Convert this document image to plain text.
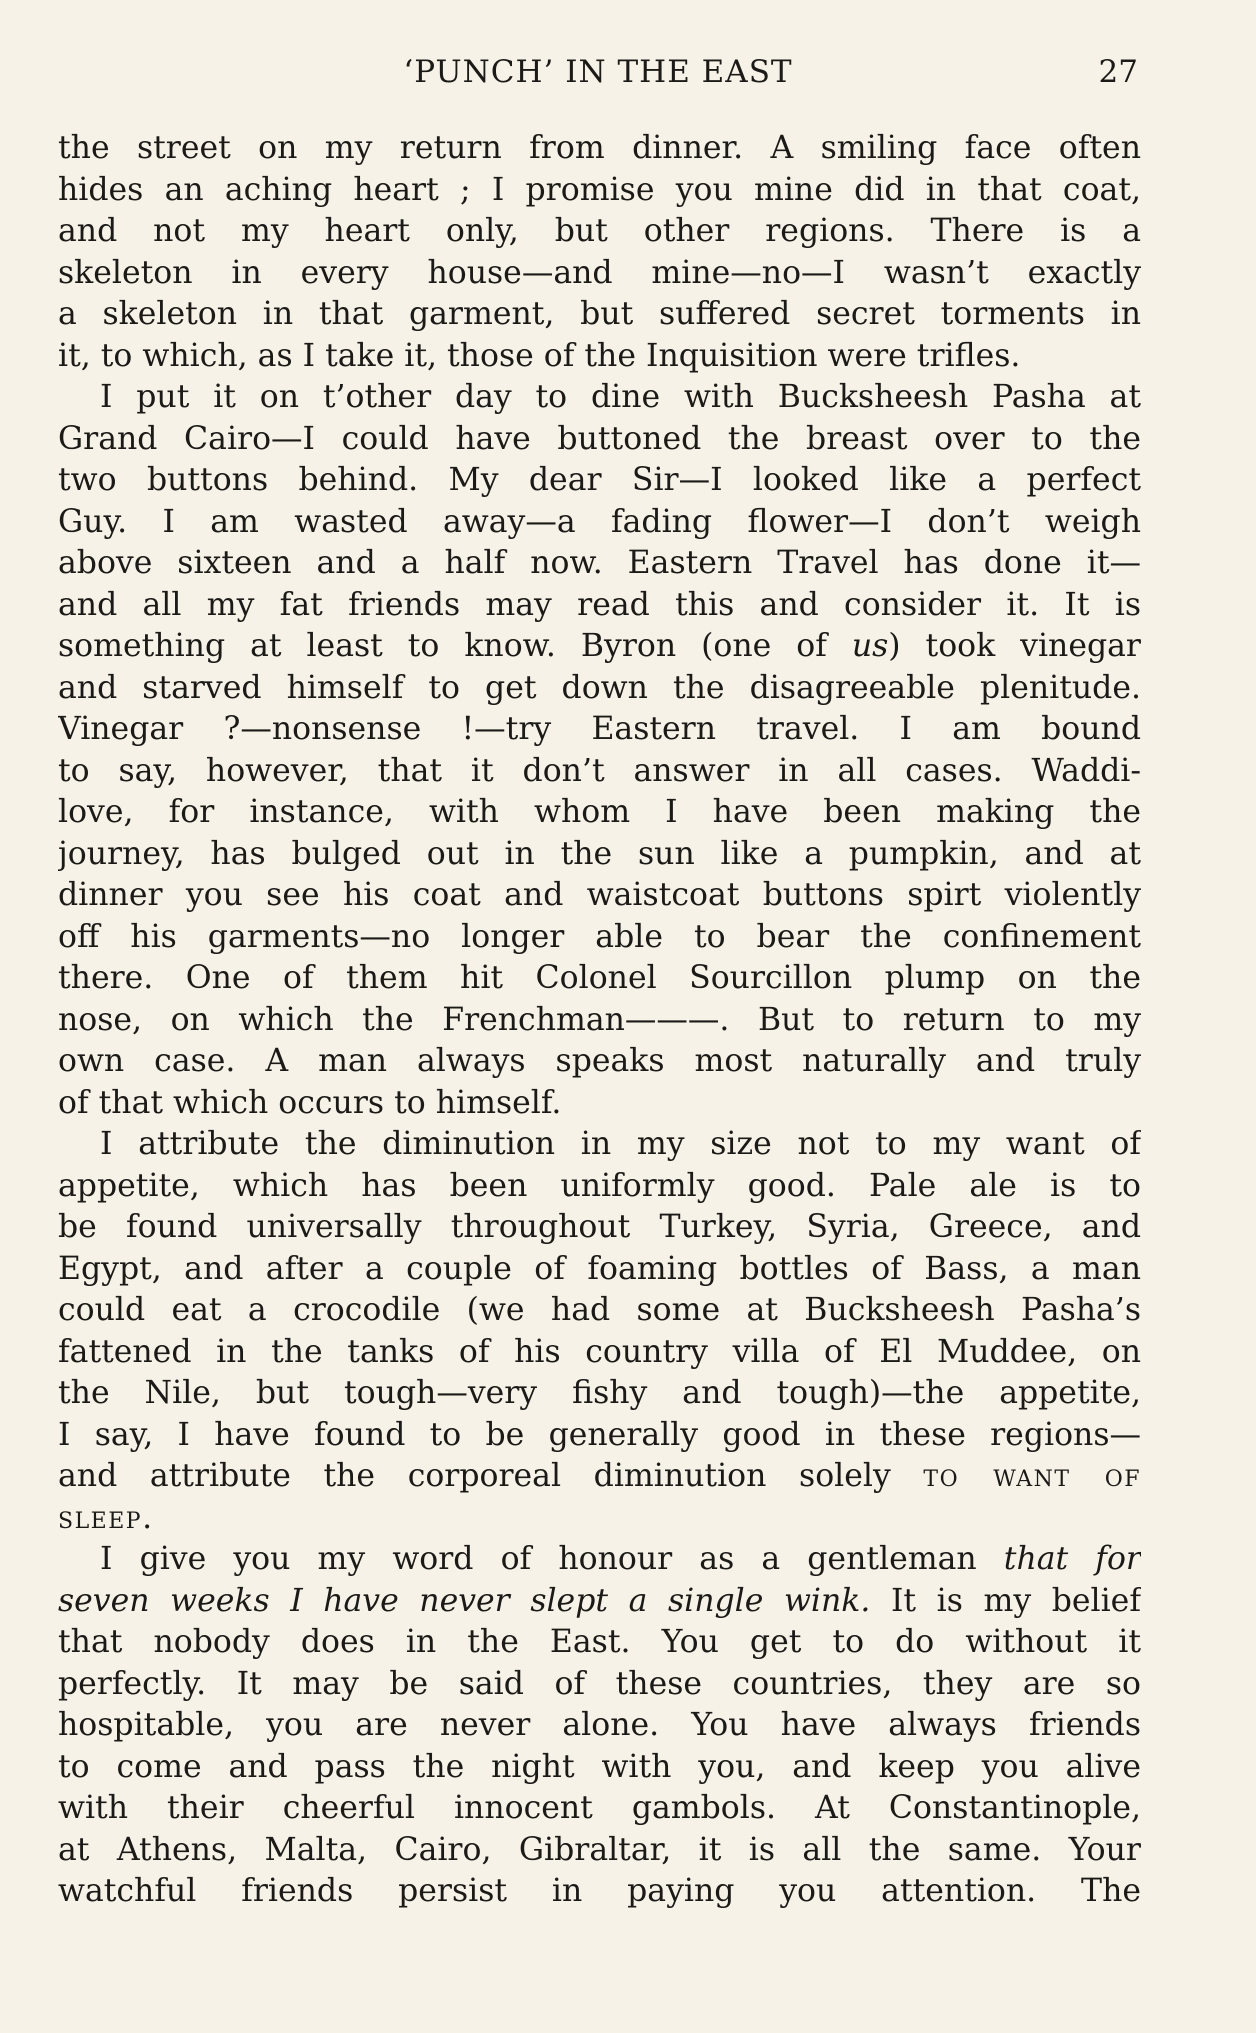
‘PUNCH’ IN THE EAST	27
the street on my return from dinner. A smiling face often
hides an aching heart ; I promise you mine did in that coat,
and not my heart only, but other regions. There is a
skeleton in every house—and mine—no—I wasn’t exactly
a skeleton in that garment, but suffered secret torments in
it, to which, as I take it, those of the Inquisition were trifles.
I put it on t’other day to dine with Bucksheesh Pasha at
Grand Cairo—I could have buttoned the breast over to the
two buttons behind. My dear Sir—I looked like a perfect
Guy. I am wasted away—a fading flower—I don’t weigh
above sixteen and a half now. Eastern Travel has done it—
and all my fat friends may read this and consider it. It is
something at least to know. Byron (one of us) took vinegar
and starved himself to get down the disagreeable plenitude.
Vinegar ?—nonsense !—try Eastern travel. I am bound
to say, however, that it don’t answer in all cases. Waddi-
love, for instance, with whom I have been making the
journey, has bulged out in the sun like a pumpkin, and at
dinner you see his coat and waistcoat buttons spirt violently
off his garments—no longer able to bear the confinement
there. One of them hit Colonel Sourcillon plump on the
nose, on which the Frenchman———. But to return to my
own case. A man always speaks most naturally and truly
of that which occurs to himself.
I attribute the diminution in my size not to my want of
appetite, which has been uniformly good. Pale ale is to
be found universally throughout Turkey, Syria, Greece, and
Egypt, and after a couple of foaming bottles of Bass, a man
could eat a crocodile (we had some at Bucksheesh Pasha’s
fattened in the tanks of his country villa of El Muddee, on
the Nile, but tough—very fishy and tough)—the appetite,
I say, I have found to be generally good in these regions—
and attribute the corporeal diminution solely to want of
sleep.
I give you my word of honour as a gentleman that for
seven weeks I have never slept a single wink. It is my belief
that nobody does in the East. You get to do without it
perfectly. It may be said of these countries, they are so
hospitable, you are never alone. You have always friends
to come and pass the night with you, and keep you alive
with their cheerful innocent gambols. At Constantinople,
at Athens, Malta, Cairo, Gibraltar, it is all the same. Your
watchful friends persist in paying you attention. The
